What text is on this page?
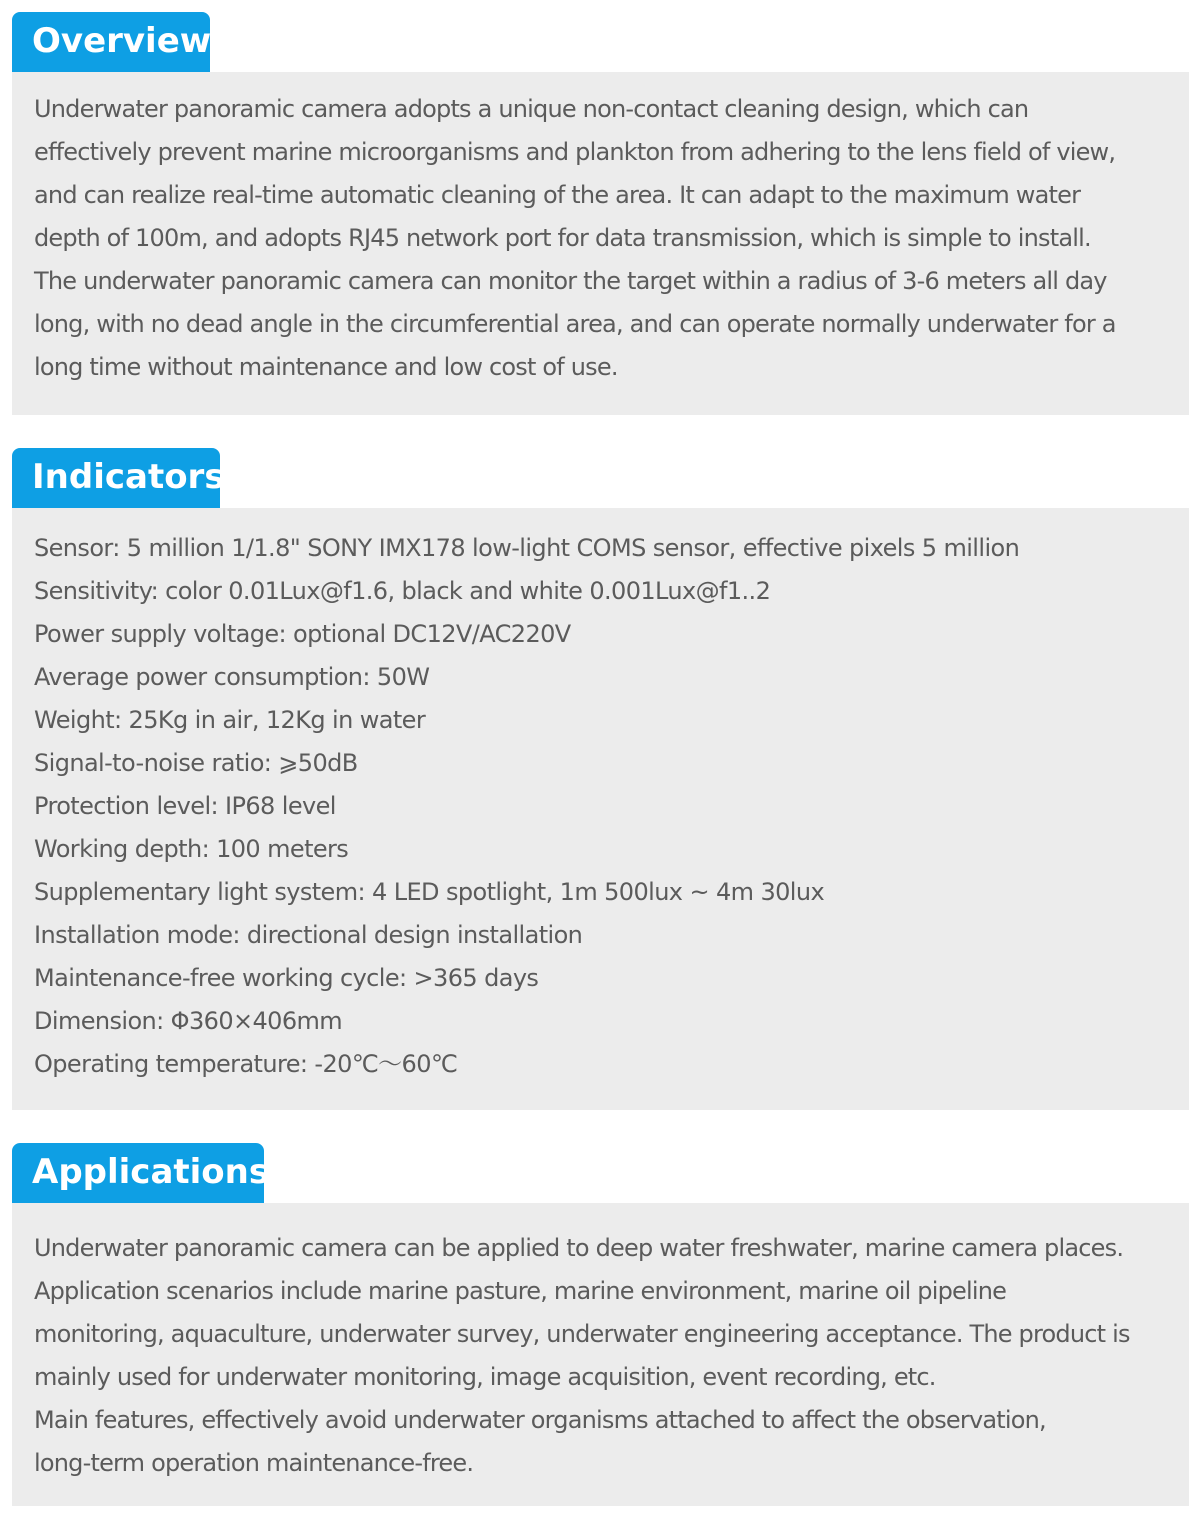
Overview

Underwater panoramic camera adopts a unique non-contact cleaning design, which can
effectively prevent marine microorganisms and plankton from adhering to the lens field of view,
and can realize real-time automatic cleaning of the area. It can adapt to the maximum water
depth of 100m, and adopts RJ45 network port for data transmission, which is simple to install.
The underwater panoramic camera can monitor the target within a radius of 3-6 meters all day
long, with no dead angle in the circumferential area, and can operate normally underwater for a
long time without maintenance and low cost of use.

Indicators
Sensor: 5 million 1/1.8" SONY IMX178 low-light COMS sensor, effective pixels 5 million
Sensitivity: color 0.01Lux@f1.6, black and white 0.001Lux@f1..2
Power supply voltage: optional DC12V/AC220V
Average power consumption: 50W
Weight: 25Kg in air, 12Kg in water
Signal-to-noise ratio: ⩾50dB
Protection level: IP68 level
Working depth: 100 meters
Supplementary light system: 4 LED spotlight, 1m 500lux ~ 4m 30lux
Installation mode: directional design installation
Maintenance-free working cycle: >365 days
Dimension: Φ360×406mm
Operating temperature: -20℃～60℃
Applications

Underwater panoramic camera can be applied to deep water freshwater, marine camera places.
Application scenarios include marine pasture, marine environment, marine oil pipeline
monitoring, aquaculture, underwater survey, underwater engineering acceptance. The product is
mainly used for underwater monitoring, image acquisition, event recording, etc.
Main features, effectively avoid underwater organisms attached to affect the observation,
long-term operation maintenance-free.
